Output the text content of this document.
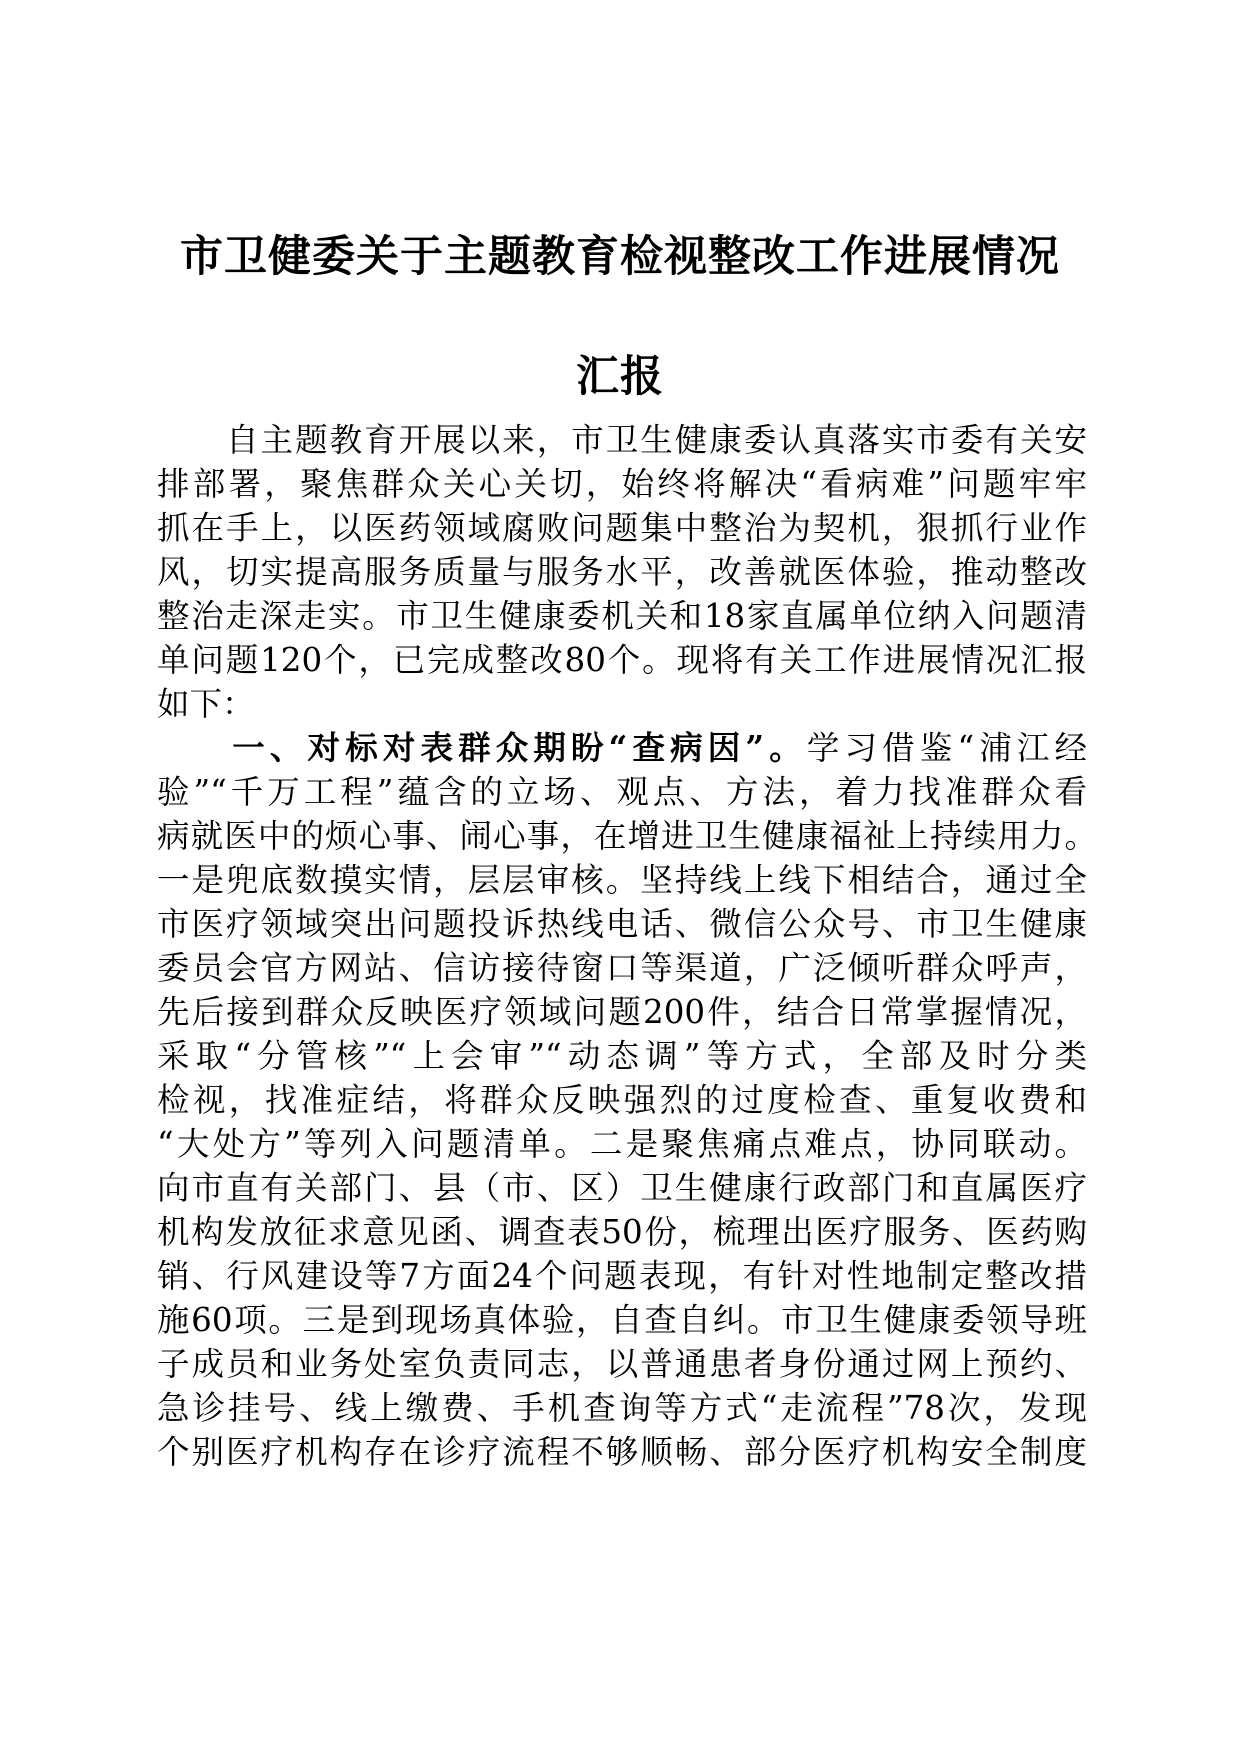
市卫健委关于主题教育检视整改工作进展情况
汇报
　　自主题教育开展以来，市卫生健康委认真落实市委有关安
排部署，聚焦群众关心关切，始终将解决“看病难”问题牢牢
抓在手上，以医药领域腐败问题集中整治为契机，狠抓行业作
风，切实提高服务质量与服务水平，改善就医体验，推动整改
整治走深走实。市卫生健康委机关和18家直属单位纳入问题清
单问题120个，已完成整改80个。现将有关工作进展情况汇报
如下：
　　一、对标对表群众期盼“查病因”。学习借鉴“浦江经
验”“千万工程”蕴含的立场、观点、方法，着力找准群众看
病就医中的烦心事、闹心事，在增进卫生健康福祉上持续用力。
一是兜底数摸实情，层层审核。坚持线上线下相结合，通过全
市医疗领域突出问题投诉热线电话、微信公众号、市卫生健康
委员会官方网站、信访接待窗口等渠道，广泛倾听群众呼声，
先后接到群众反映医疗领域问题200件，结合日常掌握情况，
采取“分管核”“上会审”“动态调”等方式，全部及时分类
检视，找准症结，将群众反映强烈的过度检查、重复收费和
“大处方”等列入问题清单。二是聚焦痛点难点，协同联动。
向市直有关部门、县（市、区）卫生健康行政部门和直属医疗
机构发放征求意见函、调查表50份，梳理出医疗服务、医药购
销、行风建设等7方面24个问题表现，有针对性地制定整改措
施60项。三是到现场真体验，自查自纠。市卫生健康委领导班
子成员和业务处室负责同志，以普通患者身份通过网上预约、
急诊挂号、线上缴费、手机查询等方式“走流程”78次，发现
个别医疗机构存在诊疗流程不够顺畅、部分医疗机构安全制度
